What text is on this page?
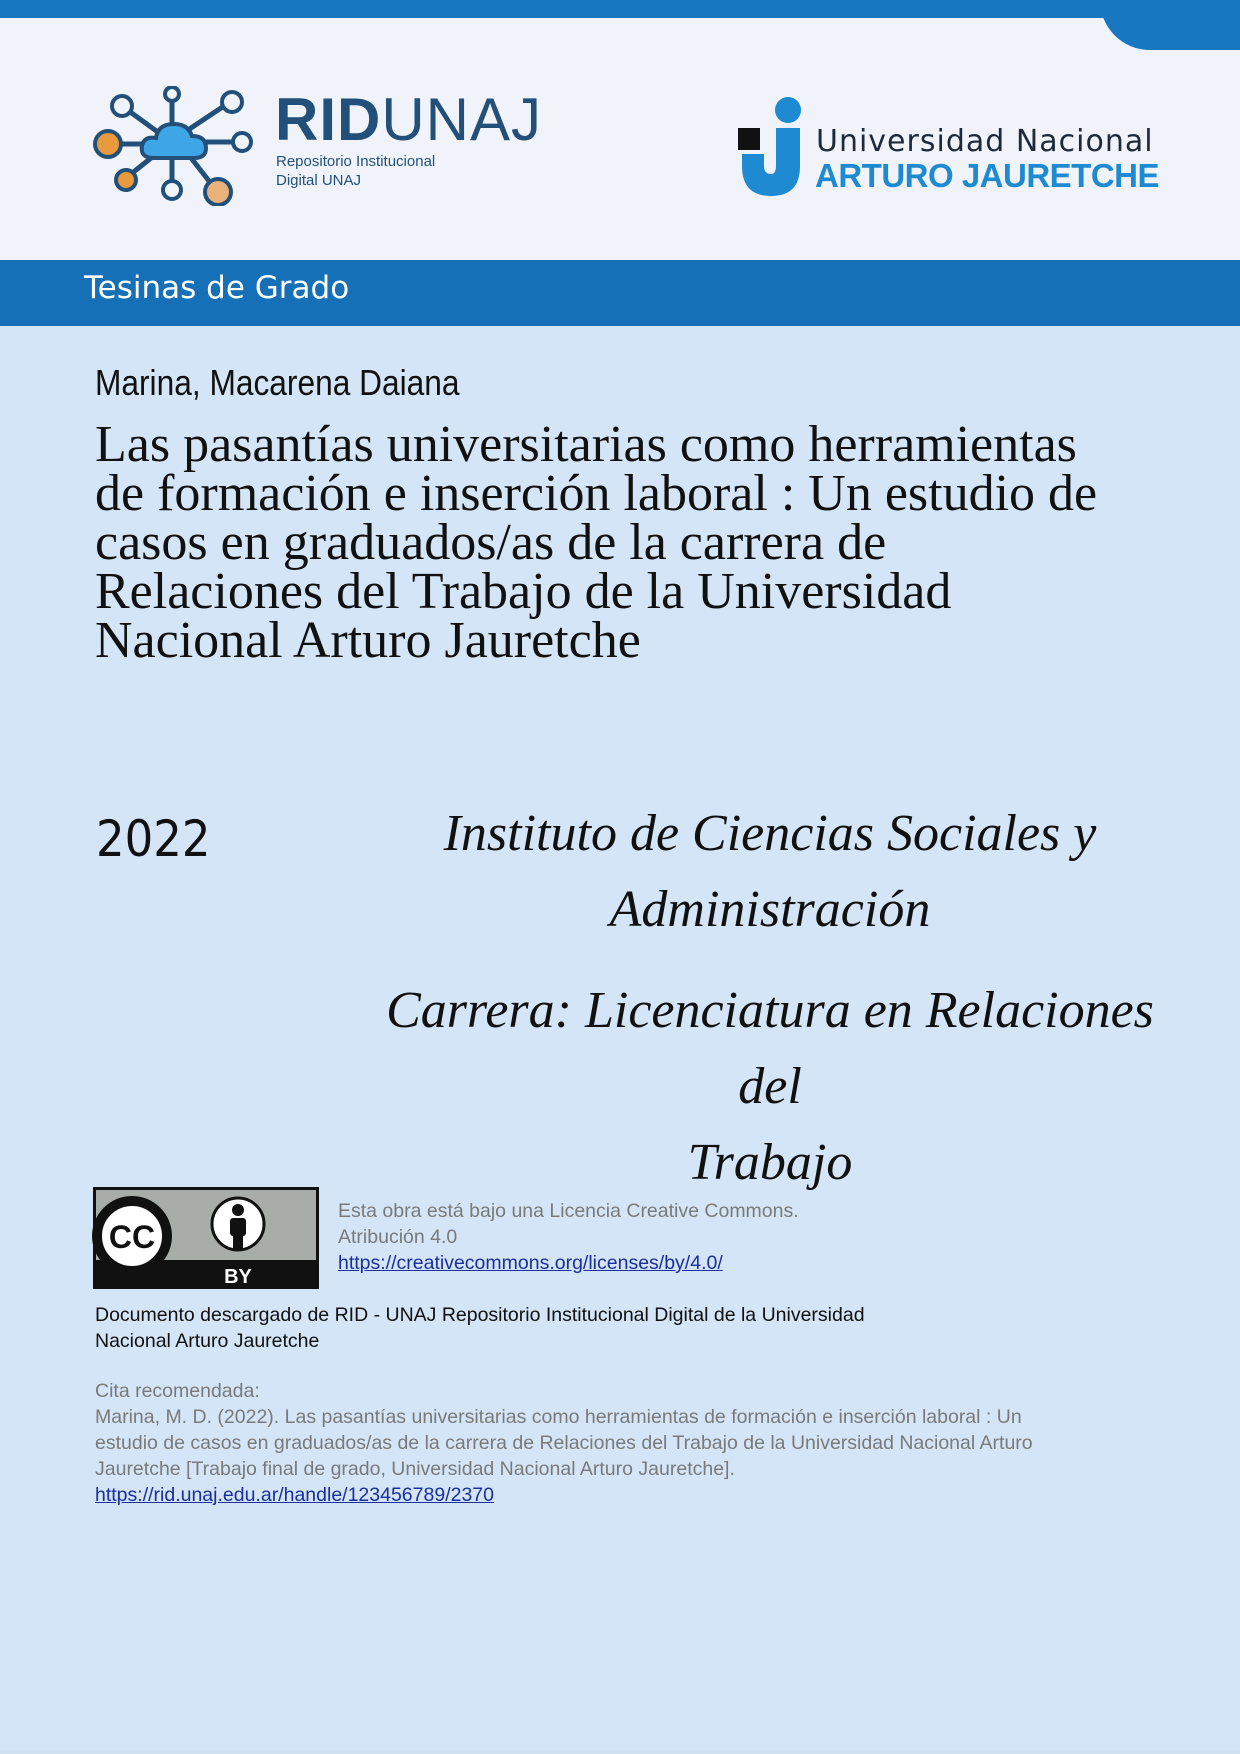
RIDUNAJ
Repositorio Institucional
Digital UNAJ
Universidad Nacional
ARTURO JAURETCHE
Tesinas de Grado
Marina, Macarena Daiana
Las pasantías universitarias como herramientas
de formación e inserción laboral : Un estudio de
casos en graduados/as de la carrera de
Relaciones del Trabajo de la Universidad
Nacional Arturo Jauretche
2022	Instituto de Ciencias Sociales y
Administración
Carrera: Licenciatura en Relaciones del
Trabajo
CC
BY
Esta obra está bajo una Licencia Creative Commons.
Atribución 4.0
https://creativecommons.org/licenses/by/4.0/
Documento descargado de RID - UNAJ Repositorio Institucional Digital de la Universidad
Nacional Arturo Jauretche
Cita recomendada:
Marina, M. D. (2022). Las pasantías universitarias como herramientas de formación e inserción laboral : Un
estudio de casos en graduados/as de la carrera de Relaciones del Trabajo de la Universidad Nacional Arturo
Jauretche [Trabajo final de grado, Universidad Nacional Arturo Jauretche].
https://rid.unaj.edu.ar/handle/123456789/2370
